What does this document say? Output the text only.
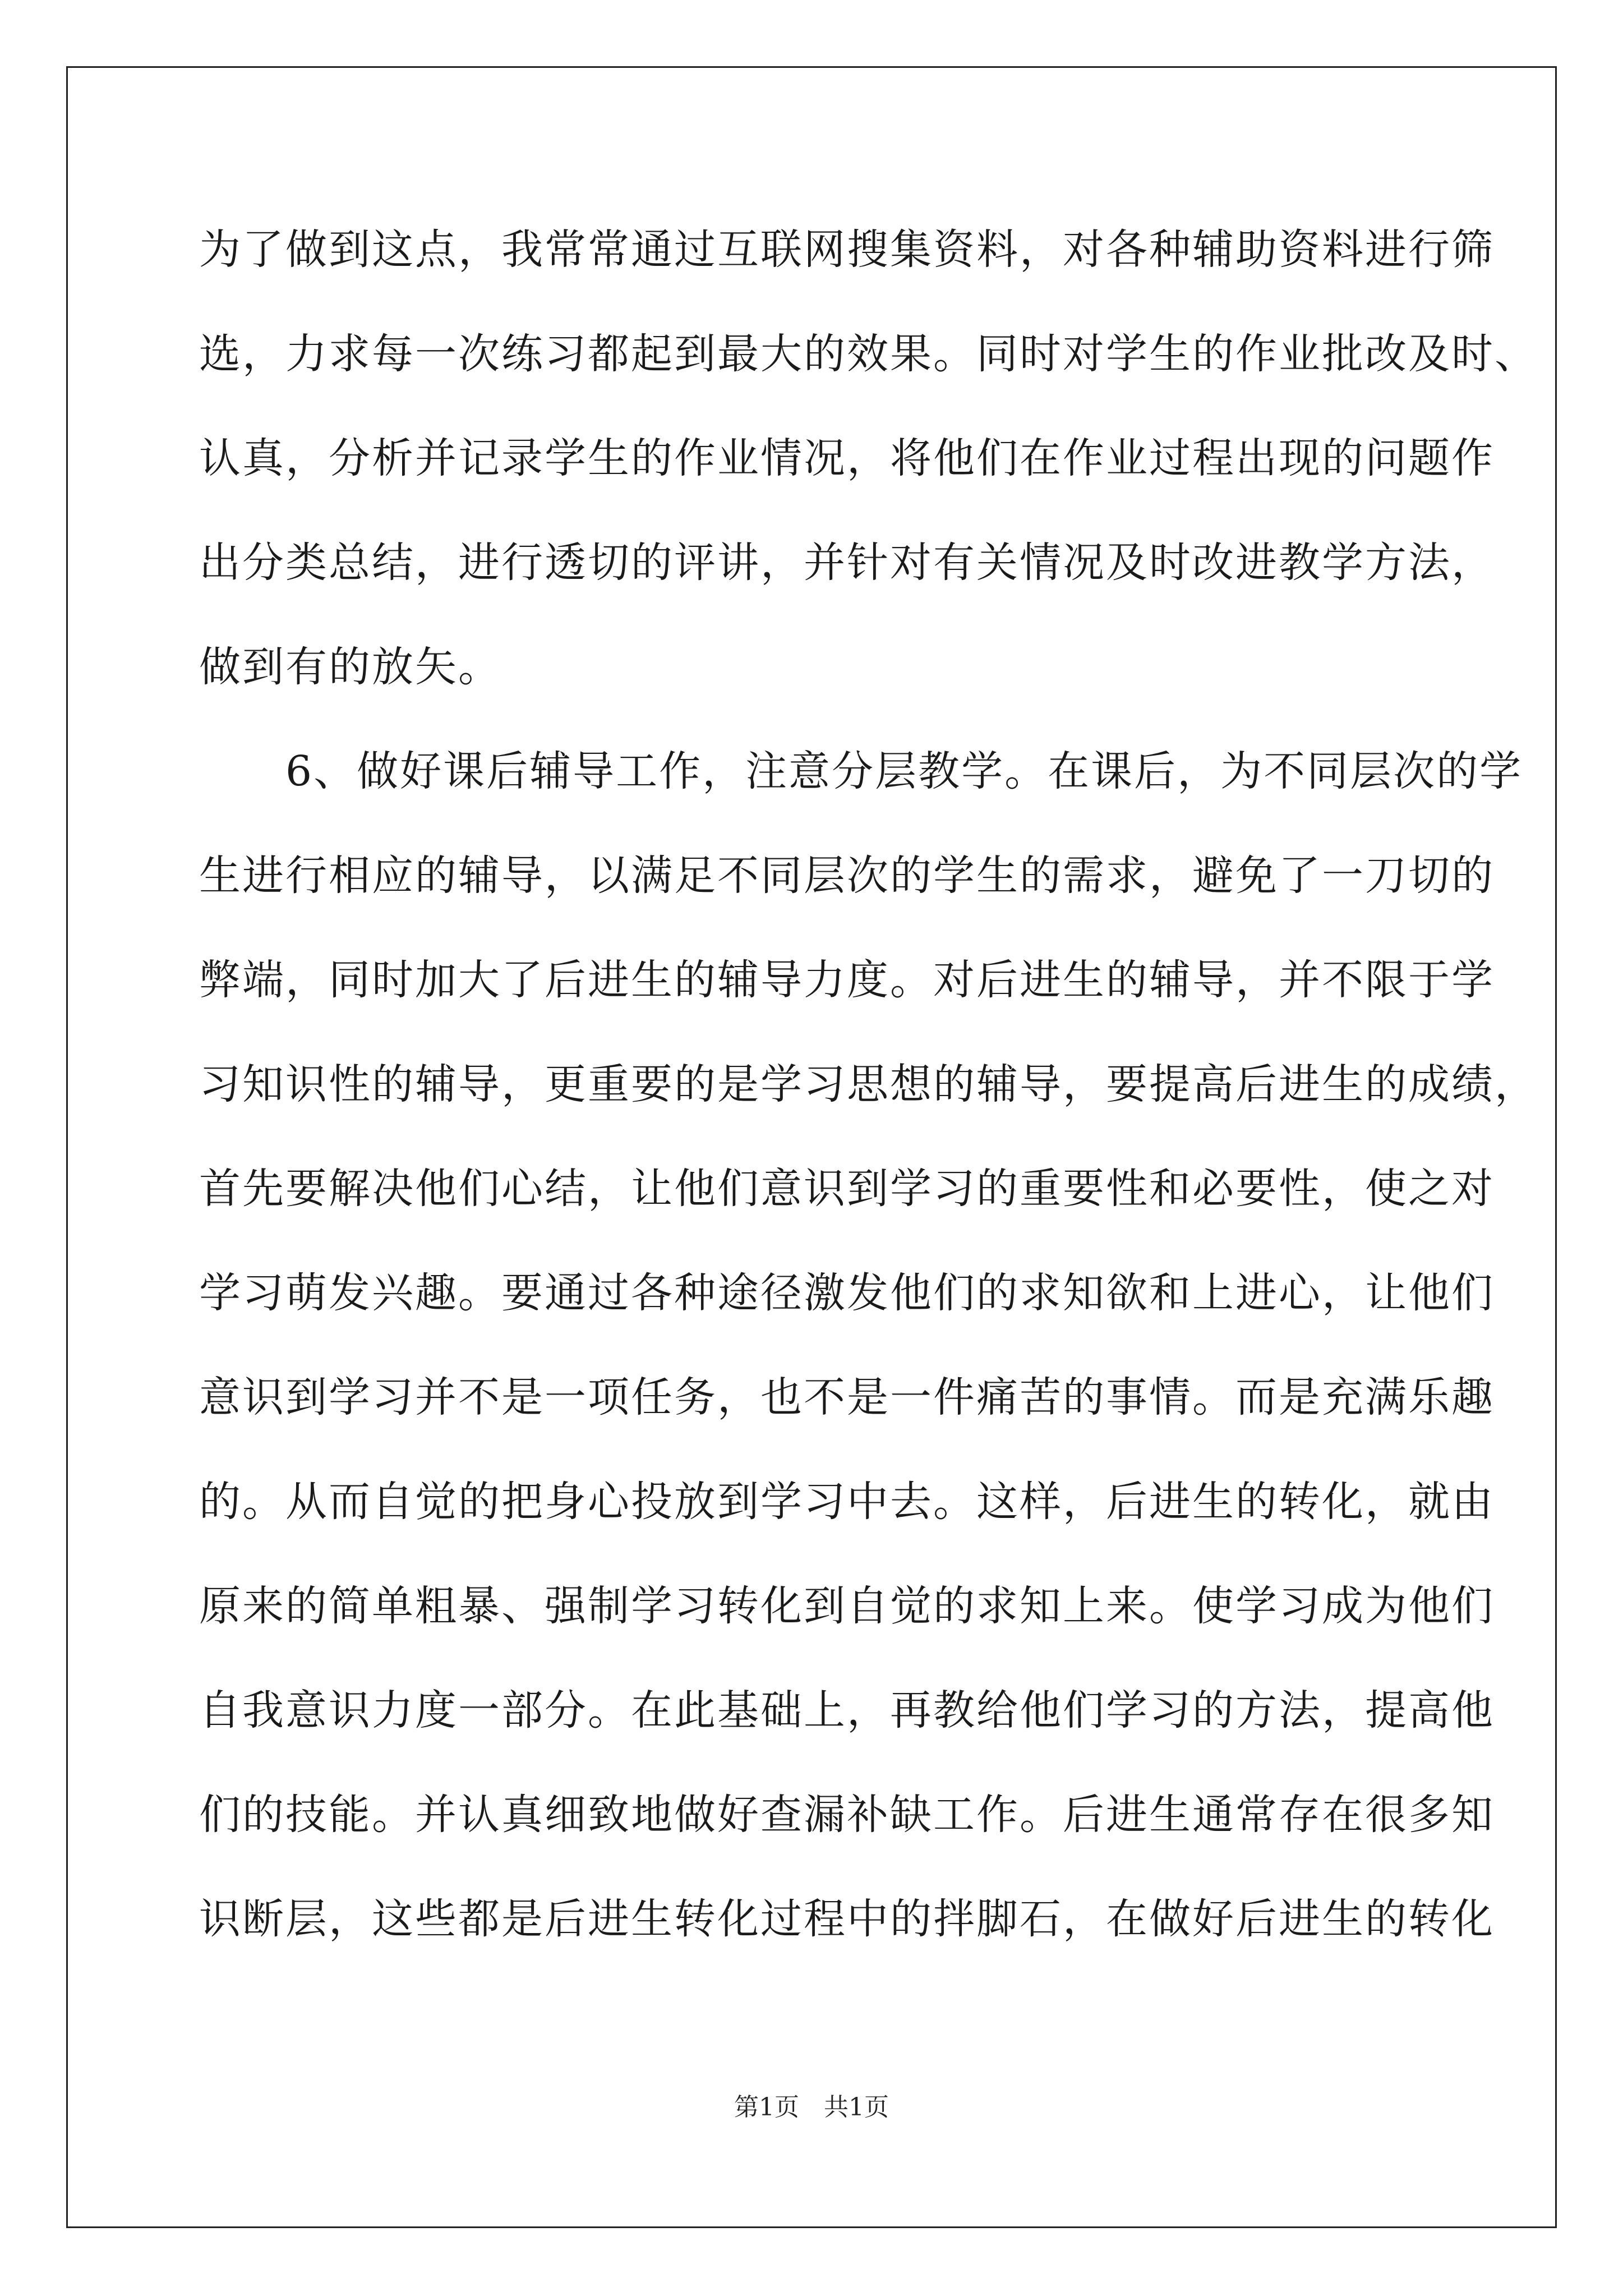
为了做到这点，我常常通过互联网搜集资料，对各种辅助资料进行筛
选，力求每一次练习都起到最大的效果。同时对学生的作业批改及时、
认真，分析并记录学生的作业情况，将他们在作业过程出现的问题作
出分类总结，进行透切的评讲，并针对有关情况及时改进教学方法，
做到有的放矢。
　　6、做好课后辅导工作，注意分层教学。在课后，为不同层次的学
生进行相应的辅导，以满足不同层次的学生的需求，避免了一刀切的
弊端，同时加大了后进生的辅导力度。对后进生的辅导，并不限于学
习知识性的辅导，更重要的是学习思想的辅导，要提高后进生的成绩，
首先要解决他们心结，让他们意识到学习的重要性和必要性，使之对
学习萌发兴趣。要通过各种途径激发他们的求知欲和上进心，让他们
意识到学习并不是一项任务，也不是一件痛苦的事情。而是充满乐趣
的。从而自觉的把身心投放到学习中去。这样，后进生的转化，就由
原来的简单粗暴、强制学习转化到自觉的求知上来。使学习成为他们
自我意识力度一部分。在此基础上，再教给他们学习的方法，提高他
们的技能。并认真细致地做好查漏补缺工作。后进生通常存在很多知
识断层，这些都是后进生转化过程中的拌脚石，在做好后进生的转化
第1页　共1页
